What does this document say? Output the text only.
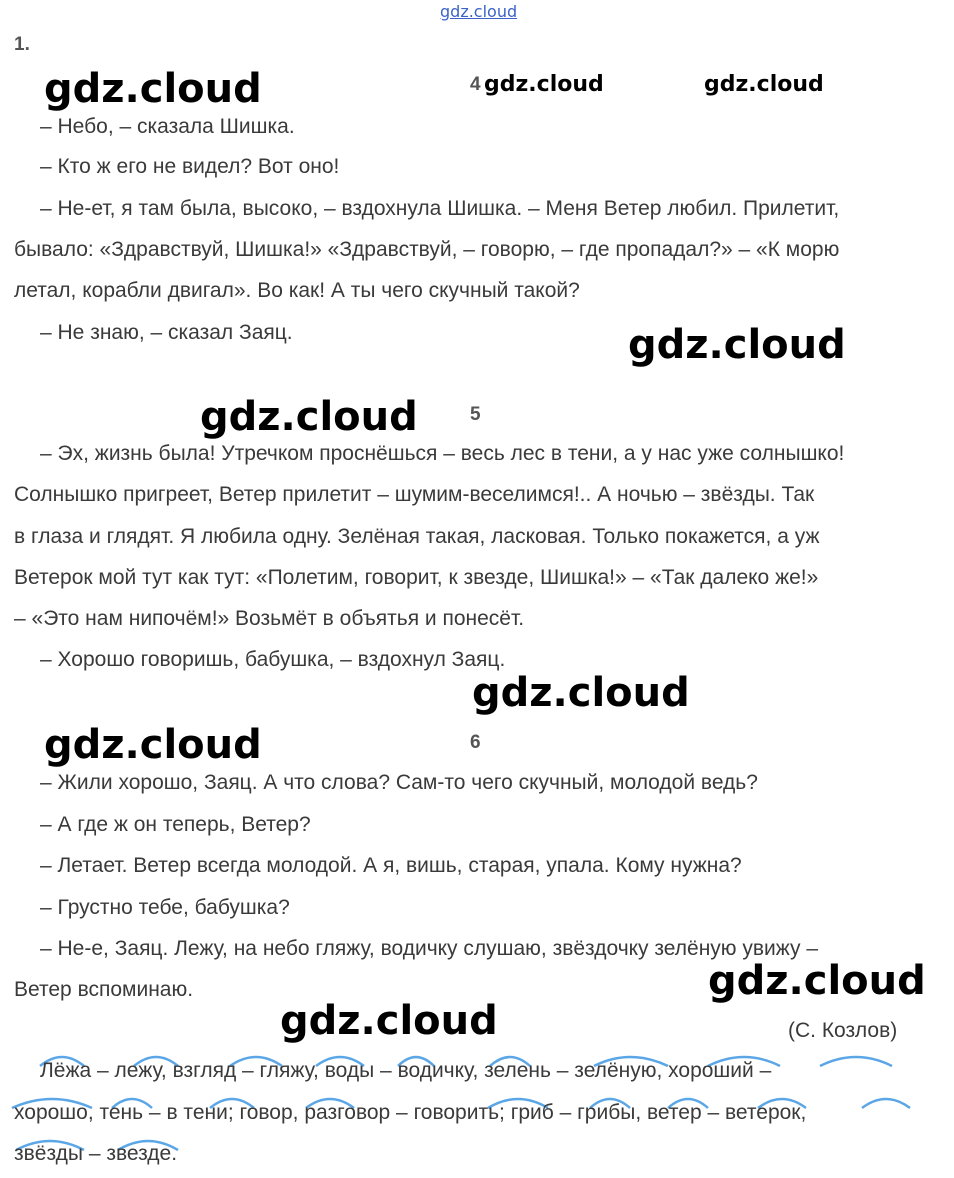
gdz.cloud
gdz.cloud	gdz.cloud	gdz.cloud
gdz.cloud
gdz.cloud
gdz.cloud
gdz.cloud
gdz.cloud
gdz.cloud
1.
4
5
6
– Небо, – сказала Шишка.
– Кто ж его не видел? Вот оно!
– Не-ет, я там была, высоко, – вздохнула Шишка. – Меня Ветер любил. Прилетит,
бывало: «Здравствуй, Шишка!» «Здравствуй, – говорю, – где пропадал?» – «К морю
летал, корабли двигал». Во как! А ты чего скучный такой?
– Не знаю, – сказал Заяц.
– Эх, жизнь была! Утречком проснёшься – весь лес в тени, а у нас уже солнышко!
Солнышко пригреет, Ветер прилетит – шумим-веселимся!.. А ночью – звёзды. Так
в глаза и глядят. Я любила одну. Зелёная такая, ласковая. Только покажется, а уж
Ветерок мой тут как тут: «Полетим, говорит, к звезде, Шишка!» – «Так далеко же!»
– «Это нам нипочём!» Возьмёт в объятья и понесёт.
– Хорошо говоришь, бабушка, – вздохнул Заяц.
– Жили хорошо, Заяц. А что слова? Сам-то чего скучный, молодой ведь?
– А где ж он теперь, Ветер?
– Летает. Ветер всегда молодой. А я, вишь, старая, упала. Кому нужна?
– Грустно тебе, бабушка?
– Не-е, Заяц. Лежу, на небо гляжу, водичку слушаю, звёздочку зелёную увижу –
Ветер вспоминаю.
(С. Козлов)
Лёжа – лежу, взгляд – гляжу, воды – водичку, зелень – зелёную, хороший –
хорошо, тень – в тени; говор, разговор – говорить; гриб – грибы, ветер – ветерок,
звёзды – звезде.
